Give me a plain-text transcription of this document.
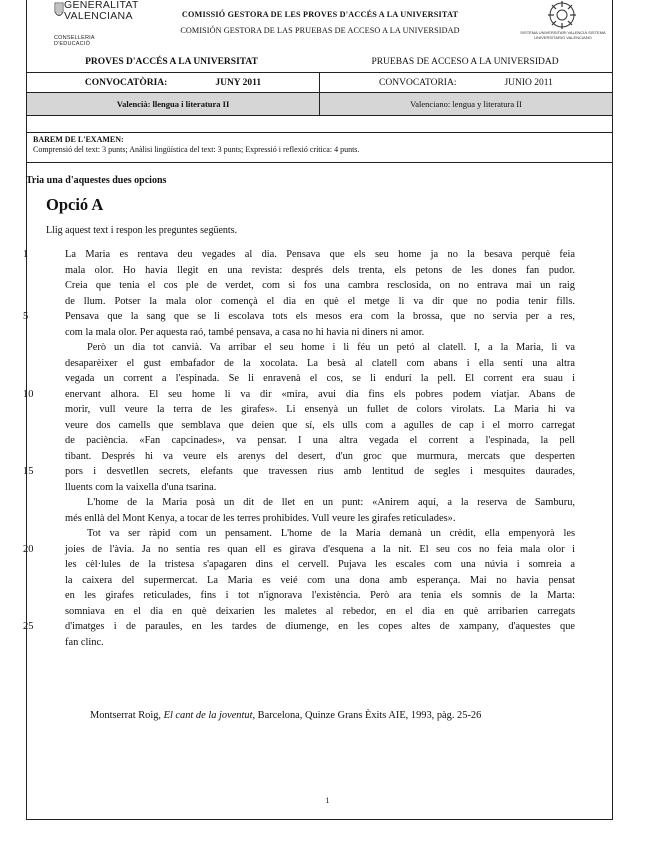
GENERALITAT VALENCIANA
CONSELLERIA D'EDUCACIÓ
COMISSIÓ GESTORA DE LES PROVES D'ACCÉS A LA UNIVERSITAT
COMISIÓN GESTORA DE LAS PRUEBAS DE ACCESO A LA UNIVERSIDAD	SISTEMA UNIVERSITARI VALENCIÀ SISTEMA UNIVERSITARIO VALENCIANO
PROVES D'ACCÉS A LA UNIVERSITAT	PRUEBAS DE ACCESO A LA UNIVERSIDAD
CONVOCATÒRIA: JUNY 2011	CONVOCATORIA: JUNIO 2011

Valencià: llengua i literatura II	Valenciano: lengua y literatura II
BAREM DE L'EXAMEN:
Comprensió del text: 3 punts; Anàlisi lingüística del text: 3 punts; Expressió i reflexió crítica: 4 punts.
Tria una d'aquestes dues opcions
Opció A
Llig aquest text i respon les preguntes següents.
1	La Maria es rentava deu vegades al dia. Pensava que els seu home ja no la besava perquè feia
mala olor. Ho havia llegit en una revista: després dels trenta, els petons de les dones fan pudor.
Creia que tenia el cos ple de verdet, com si fos una cambra resclosida, on no entrava mai un raig
de llum. Potser la mala olor començà el dia en què el metge li va dir que no podia tenir fills.
5	Pensava que la sang que se li escolava tots els mesos era com la brossa, que no servia per a res,
com la mala olor. Per aquesta raó, també pensava, a casa no hi havia ni diners ni amor.
Però un dia tot canvià. Va arribar el seu home i li féu un petó al clatell. I, a la Maria, li va
desaparèixer el gust embafador de la xocolata. La besà al clatell com abans i ella sentí una altra
vegada un corrent a l'espinada. Se li enravenà el cos, se li endurí la pell. El corrent era suau i
10	enervant alhora. El seu home li va dir «mira, avui dia fins els pobres podem viatjar. Abans de
morir, vull veure la terra de les girafes». Li ensenyà un fullet de colors virolats. La Maria hi va
veure dos camells que semblava que deien que sí, els ulls com a agulles de cap i el morro carregat
de paciència. «Fan capcinades», va pensar. I una altra vegada el corrent a l'espinada, la pell
tibant. Després hi va veure els arenys del desert, d'un groc que murmura, mercats que desperten
15	pors i desvetllen secrets, elefants que travessen rius amb lentitud de segles i mesquites daurades,
lluents com la vaixella d'una tsarina.
L'home de la Maria posà un dit de llet en un punt: «Anirem aquí, a la reserva de Samburu,
més enllà del Mont Kenya, a tocar de les terres prohibides. Vull veure les girafes reticulades».
Tot va ser ràpid com un pensament. L'home de la Maria demanà un crèdit, ella empenyorà les
20	joies de l'àvia. Ja no sentia res quan ell es girava d'esquena a la nit. El seu cos no feia mala olor i
les cèl·lules de la tristesa s'apagaren dins el cervell. Pujava les escales com una núvia i somreia a
la caixera del supermercat. La Maria es veié com una dona amb esperança. Mai no havia pensat
en les girafes reticulades, fins i tot n'ignorava l'existència. Però ara tenia els somnis de la Marta:
somniava en el dia en què deixarien les maletes al rebedor, en el dia en què arribarien carregats
25	d'imatges i de paraules, en les tardes de diumenge, en les copes altes de xampany, d'aquestes que
fan clinc.
Montserrat Roig, El cant de la joventut, Barcelona, Quinze Grans Èxits AIE, 1993, pàg. 25-26
1
